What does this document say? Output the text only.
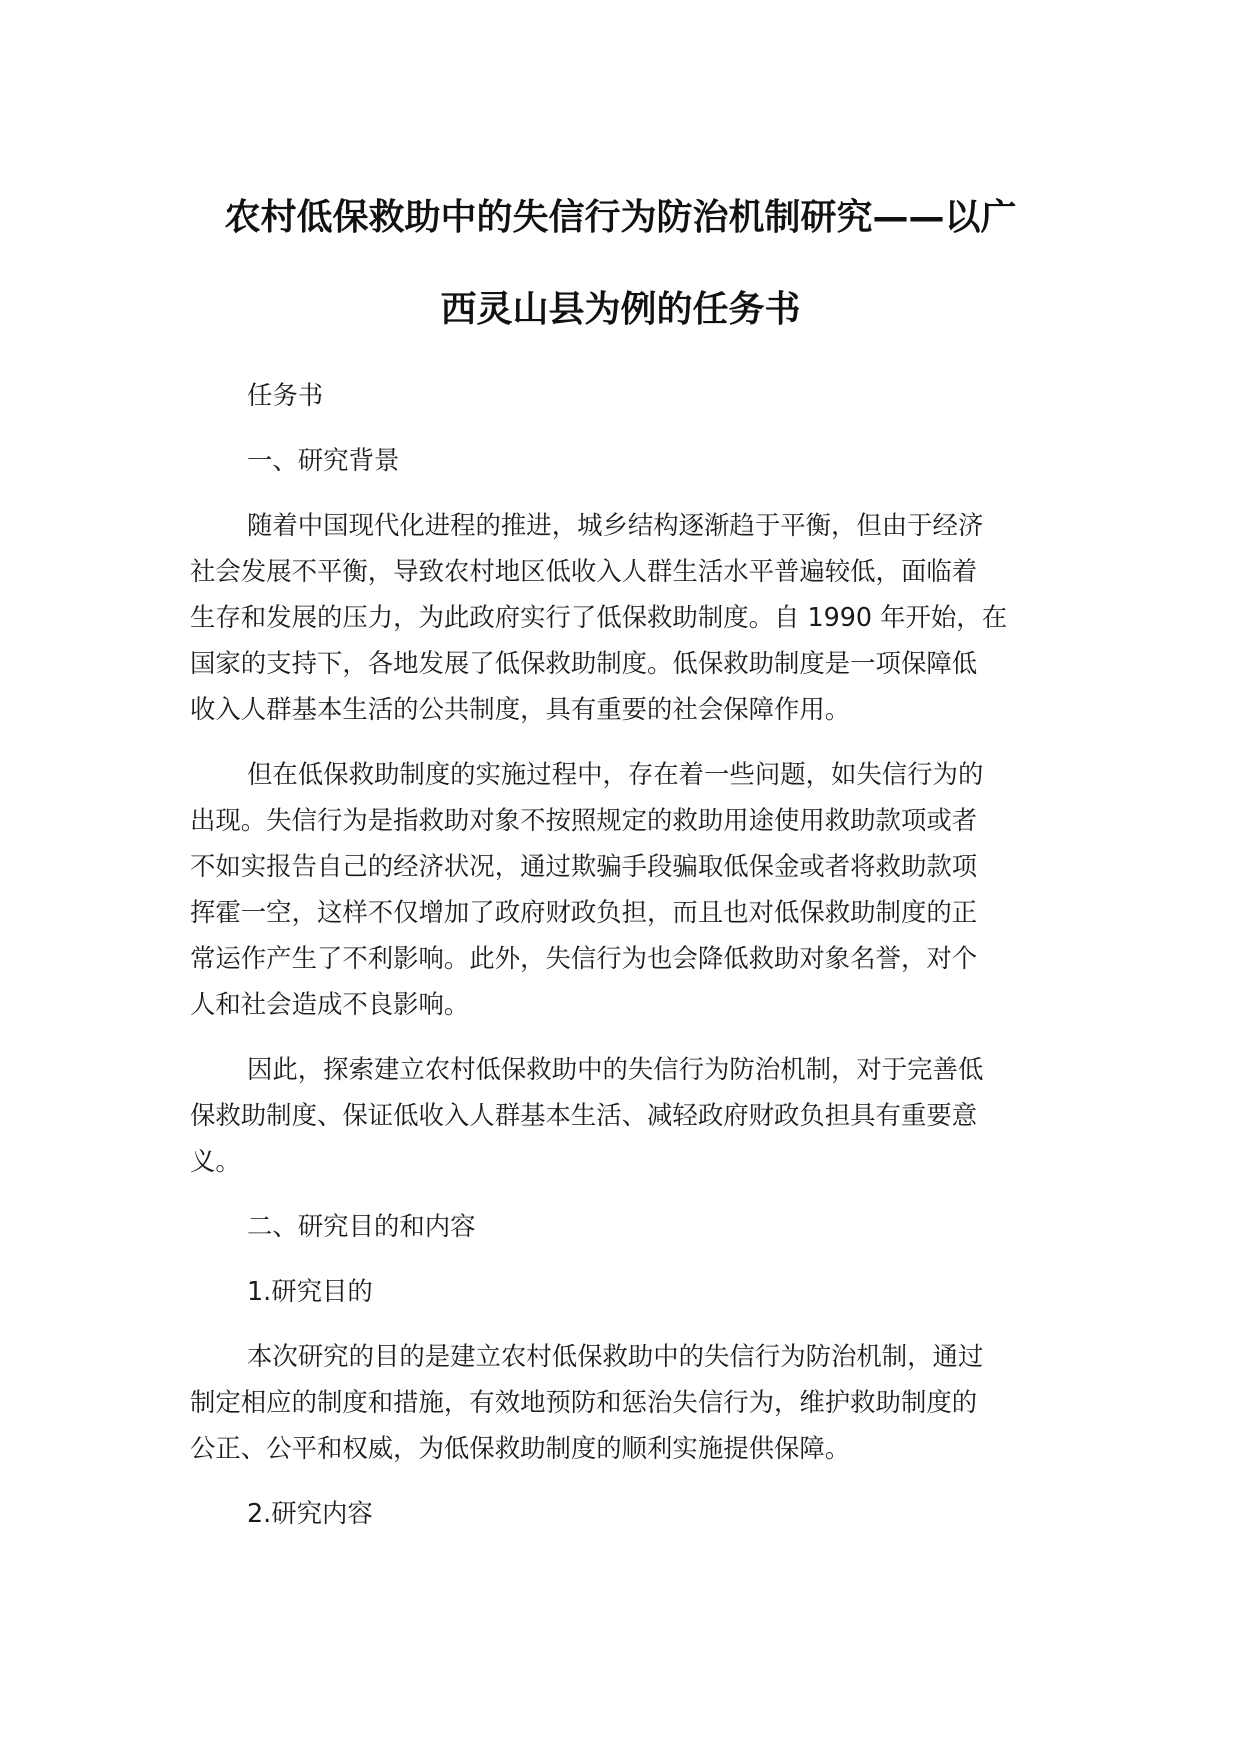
农村低保救助中的失信行为防治机制研究——以广
西灵山县为例的任务书

任务书

一、研究背景

随着中国现代化进程的推进，城乡结构逐渐趋于平衡，但由于经济
社会发展不平衡，导致农村地区低收入人群生活水平普遍较低，面临着
生存和发展的压力，为此政府实行了低保救助制度。自 1990 年开始，在
国家的支持下，各地发展了低保救助制度。低保救助制度是一项保障低
收入人群基本生活的公共制度，具有重要的社会保障作用。

但在低保救助制度的实施过程中，存在着一些问题，如失信行为的
出现。失信行为是指救助对象不按照规定的救助用途使用救助款项或者
不如实报告自己的经济状况，通过欺骗手段骗取低保金或者将救助款项
挥霍一空，这样不仅增加了政府财政负担，而且也对低保救助制度的正
常运作产生了不利影响。此外，失信行为也会降低救助对象名誉，对个
人和社会造成不良影响。

因此，探索建立农村低保救助中的失信行为防治机制，对于完善低
保救助制度、保证低收入人群基本生活、减轻政府财政负担具有重要意
义。

二、研究目的和内容

1.研究目的

本次研究的目的是建立农村低保救助中的失信行为防治机制，通过
制定相应的制度和措施，有效地预防和惩治失信行为，维护救助制度的
公正、公平和权威，为低保救助制度的顺利实施提供保障。

2.研究内容
